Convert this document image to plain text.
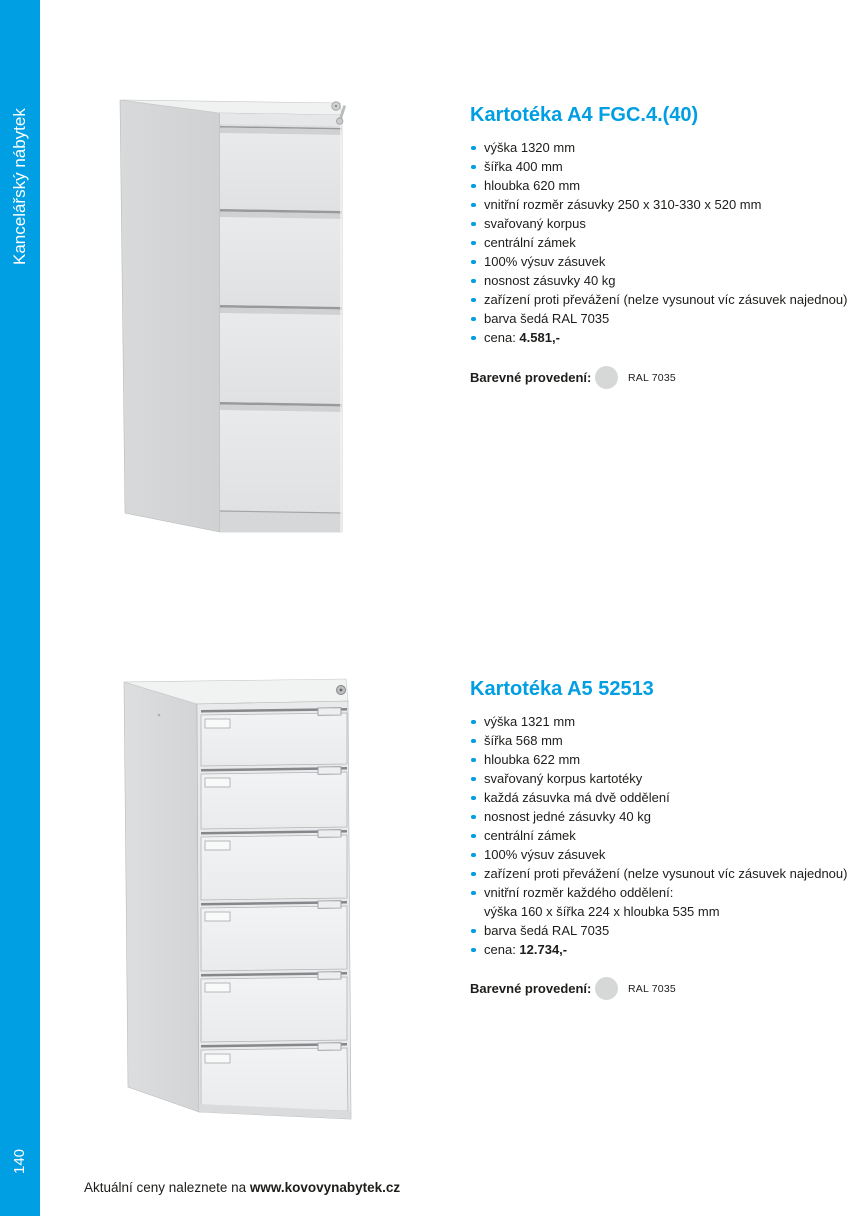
Kancelářský nábytek
140
Kartotéka A4 FGC.4.(40)
výška 1320 mm
šířka 400 mm
hloubka 620 mm
vnitřní rozměr zásuvky 250 x 310-330 x 520 mm
svařovaný korpus
centrální zámek
100% výsuv zásuvek
nosnost zásuvky 40 kg
zařízení proti převážení (nelze vysunout víc zásuvek najednou)
barva šedá RAL 7035
cena: 4.581,-
Barevné provedení:	RAL 7035
Kartotéka A5 52513
výška 1321 mm
šířka 568 mm
hloubka 622 mm
svařovaný korpus kartotéky
každá zásuvka má dvě oddělení
nosnost jedné zásuvky 40 kg
centrální zámek
100% výsuv zásuvek
zařízení proti převážení (nelze vysunout víc zásuvek najednou)
vnitřní rozměr každého oddělení:
výška 160 x šířka 224 x hloubka 535 mm
barva šedá RAL 7035
cena: 12.734,-
Barevné provedení:	RAL 7035
Aktuální ceny naleznete na www.kovovynabytek.cz
